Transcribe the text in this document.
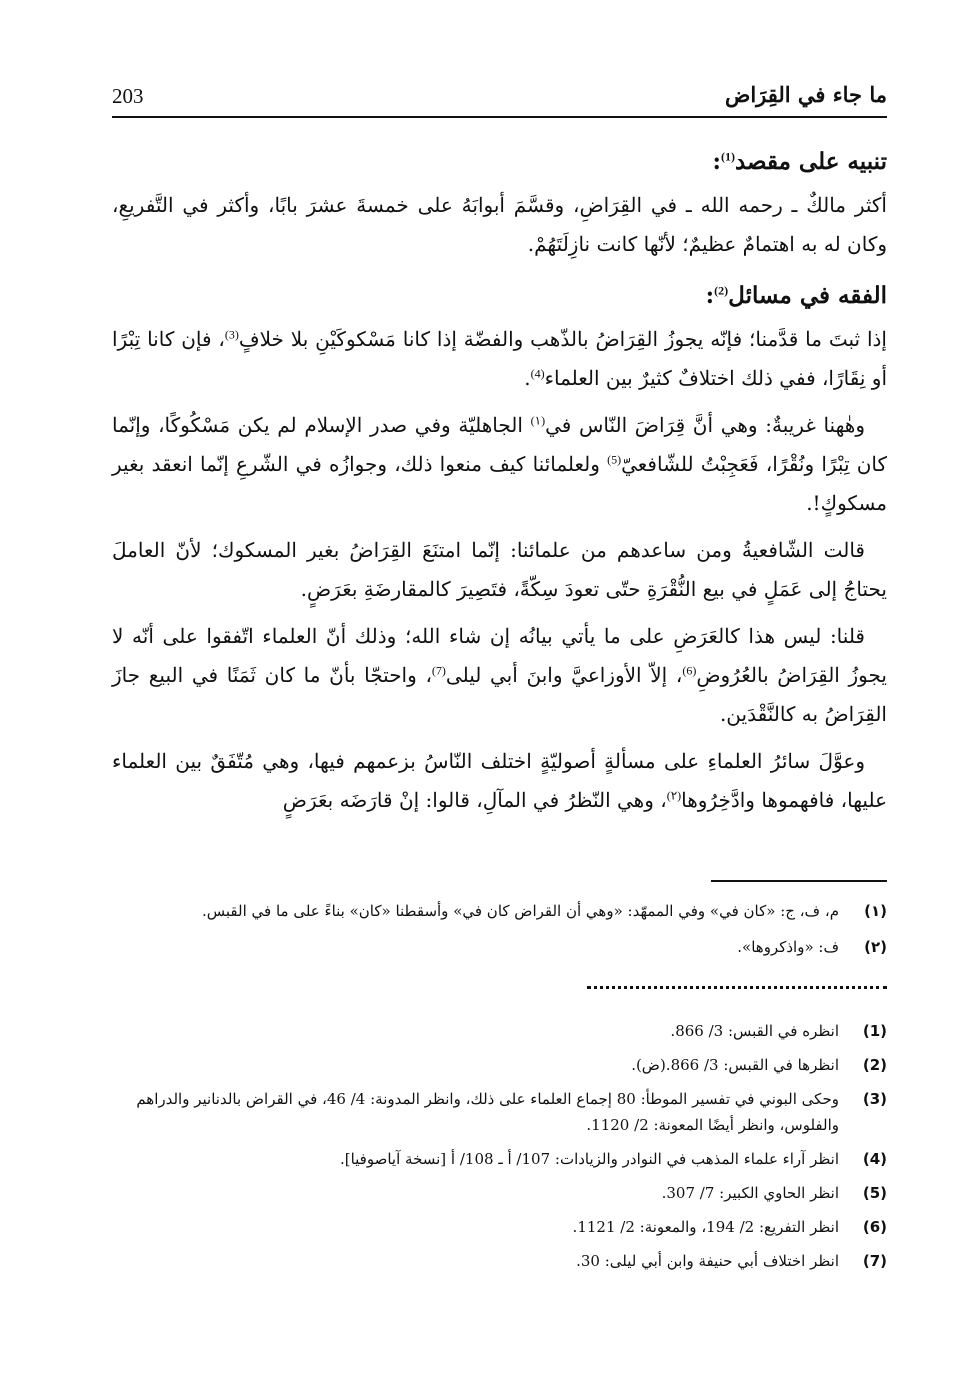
ما جاء في القِرَاض
203

تنبيه على مقصد$^{(1)}$:

أكثر مالكٌ ـ رحمه الله ـ في القِرَاضِ، وقسَّمَ أبوابَهُ على خمسةَ عشرَ بابًا، وأكثر في التَّفريعِ، وكان له به اهتمامٌ عظيمٌ؛ لأنّها كانت نازِلَتَهُمْ.

الفقه في مسائل$^{(2)}$:

إذا ثبتَ ما قدَّمنا؛ فإنّه يجوزُ القِرَاضُ بالذّهب والفضّة إذا كانا مَسْكوكَيْنِ بلا خلافٍ$^{(3)}$، فإن كانا تِبْرًا أو نِقَارًا، ففي ذلك اختلافٌ كثيرٌ بين العلماء$^{(4)}$.

وهٰهنا غريبةٌ: وهي أنَّ قِرَاضَ النّاس في$^{(١)}$ الجاهليّة وفي صدر الإسلام لم يكن مَسْكُوكًا، وإنّما كان تِبْرًا ونُقْرًا، فَعَجِبْتُ للشّافعيّ$^{(5)}$ ولعلمائنا كيف منعوا ذلك، وجوازُه في الشّرعِ إنّما انعقد بغير مسكوكٍ!.

قالت الشّافعيةُ ومن ساعدهم من علمائنا: إنّما امتنَعَ القِرَاضُ بغير المسكوك؛ لأنّ العاملَ يحتاجُ إلى عَمَلٍ في بيع النُّقْرَةِ حتّى تعودَ سِكّةً، فتَصِيرَ كالمقارضَةِ بعَرَضٍ.

قلنا: ليس هذا كالعَرَضِ على ما يأتي بيانُه إن شاء الله؛ وذلك أنّ العلماء اتّفقوا على أنّه لا يجوزُ القِرَاضُ بالعُرُوضِ$^{(6)}$، إلاّ الأوزاعيَّ وابنَ أبي ليلى$^{(7)}$، واحتجّا بأنّ ما كان ثَمَنًا في البيع جازَ القِرَاضُ به كالنَّقْدَين.

وعوَّلَ سائرُ العلماءِ على مسألةٍ أصوليّةٍ اختلف النّاسُ بزعمهم فيها، وهي مُتّفَقٌ بين العلماء عليها، فافهموها وادَّخِرُوها$^{(٢)}$، وهي النّظرُ في المآلِ، قالوا: إنْ قارَضَه بعَرَضٍ

(١)
م، ف، ج: «كان في» وفي الممهّد: «وهي أن القراض كان في» وأسقطنا «كان» بناءً على ما في القبس.
(٢)
ف: «واذكروها».
(1)
انظره في القبس: 3/ 866.
(2)
انظرها في القبس: 3/ 866.(ض).
(3)
وحكى البوني في تفسير الموطأ: 80 إجماع العلماء على ذلك، وانظر المدونة: 4/ 46، في القراض بالدنانير والدراهم والفلوس، وانظر أيضًا المعونة: 2/ 1120.
(4)
انظر آراء علماء المذهب في النوادر والزيادات: 107/ أ ـ 108/ أ [نسخة آياصوفيا].
(5)
انظر الحاوي الكبير: 7/ 307.
(6)
انظر التفريع: 2/ 194، والمعونة: 2/ 1121.
(7)
انظر اختلاف أبي حنيفة وابن أبي ليلى: 30.
